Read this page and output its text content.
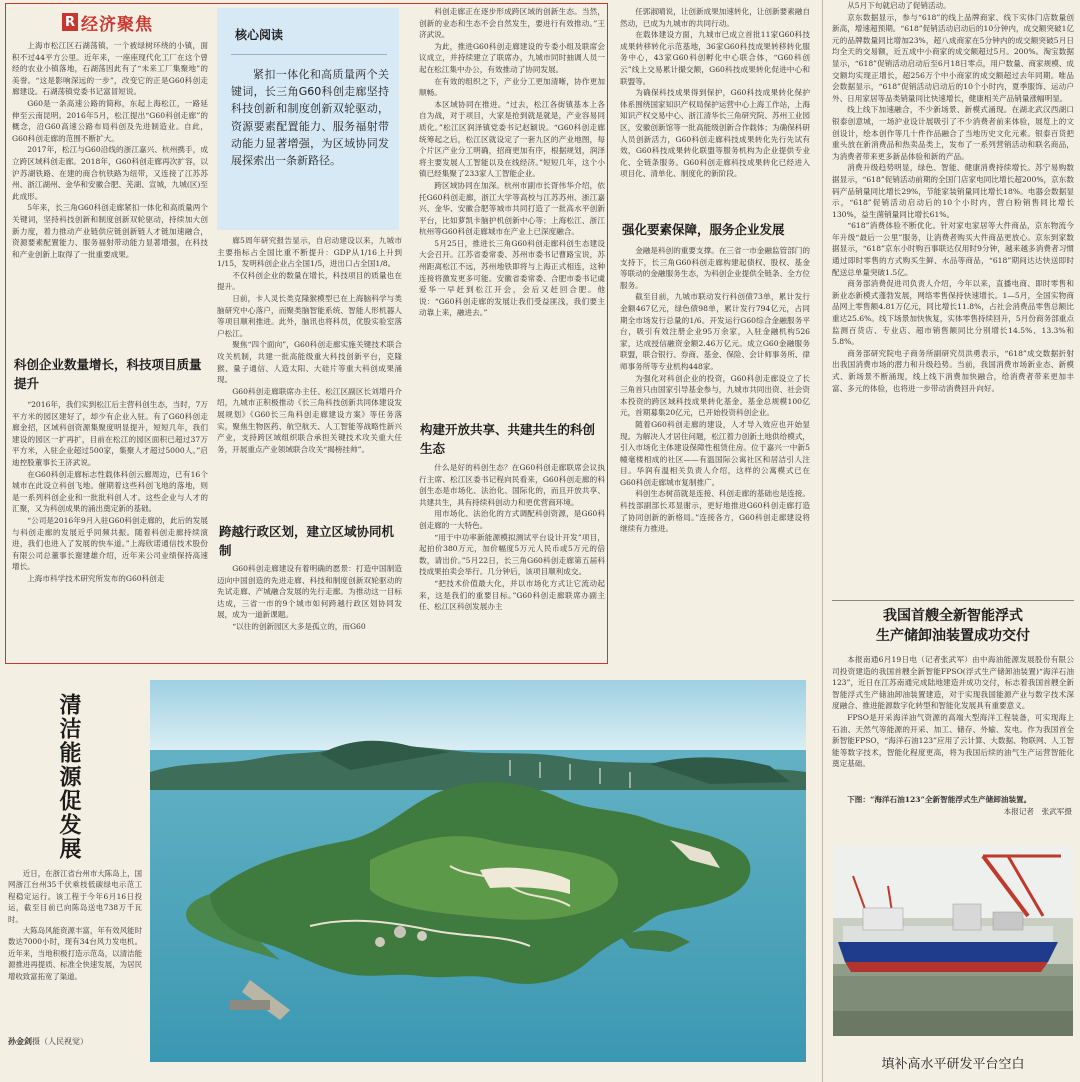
R 经济聚焦

上海市松江区石湖荡镇，一个被绿树环绕的小镇，面积不过44平方公里。近年来，一座座现代化工厂在这个曾经的农业小镇落地，石湖荡因此有了“未来工厂集聚地”的美誉。“这是影响深远的一步”，改变它的正是G60科创走廊建设。石湖荡镇党委书记富冒短说。

G60是一条高速公路的简称，东起上海松江，一路延伸至云南昆明。2016年5月，松江提出“G60科创走廊”的概念，沿G60高速公路布局科创及先进制造业。自此，G60科创走廊的范围不断扩大。

2017年，松江与G60沿线的浙江嘉兴、杭州携手，成立跨区域科创走廊。2018年，G60科创走廊再次扩容，以沪苏湖铁路、在建的商合杭铁路为纽带，又连接了江苏苏州、浙江湖州、金华和安徽合肥、芜湖、宣城，九城(区)至此成形。

5年来，长三角G60科创走廊紧扣一体化和高质量两个关键词，坚持科技创新和制度创新双轮驱动，持续加大创新力度，着力推动产业链供应链创新链人才链加速融合，资源要素配置能力、服务福射带动能力显著增强，在科技和产业创新上取得了一批重要成果。

科创企业数量增长，科技项目质量提升

“2016年，我们实到松江后主营科创生态，当时，7万平方米的园区建好了，却少有企业入驻。有了G60科创走廊金招，区域科创资源集聚度明显提升，短短几年，我们建设的园区一扩再扩，目前在松江的园区面积已超过37万平方米，入驻企业超过500家，集聚人才超过5000人。”启迪控股董事长王济武说。

在G60科创走廊标志性载体科创云廊周边，已有16个城市在此设立科创飞地。催期着这些科创飞地的落地，则是一系列科创企业和一批批科创人才。这些企业与人才的汇聚，又为科创成果的涌出奠定新的基础。

“公司是2016年9月入驻G60科创走廊的，此后的发展与科创走廊的发展近乎同频共振。随着科创走廊持续演进，我们也进入了发展的快车道。”上海欣诺通信技术股份有限公司总董事长谢建雄介绍，近年来公司业绩保持高速增长。

上海市科学技术研究所发布的G60科创走

核心阅读
紧扣一体化和高质量两个关键词，长三角G60科创走廊坚持科技创新和制度创新双轮驱动，资源要素配置能力、服务福射带动能力显著增强，为区域协同发展探索出一条新路径。

廊5周年研究报告显示，自启动建设以来，九城市主要指标占全国比重不断提升：GDP从1/16上升到1/15，发明科创企业占全国1/5，进出口占全国1/8。

不仅科创企业的数量在增长，科技项目的质量也在提升。

日前，卡人灵长类克隆猴模型已在上海脑科学与类脑研究中心落户，而聚类脑智能系统、智能人形机器人等项目顺利推进。此外，脑讯也将科员，优股实验室落户松江。

聚焦“四个面向”，G60科创走廊实施关键技术联合攻关机制，共建一批高能级重大科技创新平台，克隆猴、量子通信、人造太阳、大硅片等重大科创成果涌现。

G60科创走廊联席办主任、松江区副区长刘增丹介绍，九城市正积极推动《长三角科技创新共同体建设发展规划》《G60长三角科创走廊建设方案》等任务落实，聚焦生物医药、航空航天、人工智能等战略性新兴产业，支持跨区域组织联合承担关键技术攻关重大任务，开展重点产业领域联合攻关“揭榜挂帅”。

跨越行政区划，建立区域协同机制

G60科创走廊建设有着明确的愿景：打造中国制造迈向中国创造的先进走廊、科技和制度创新双轮驱动的先试走廊、产城融合发展的先行走廊。为推动这一目标达成，三省一市的9个城市如何跨越行政区划协同发展，成为一道新课题。

“以往的创新园区大多是孤立的，而G60

科创走廊正在逐步形成跨区域的创新生态。当然，创新的业态和生态不会自然发生，要进行有效推动。”王济武说。

为此，推进G60科创走廊建设的专委小组及联席会议成立，并持续建立了联席办，九城市同时抽调人员一起在松江集中办公，有效推动了协同发展。

在有效的组织之下，产业分工更加清晰，协作更加顺畅。

本区域协同在推进。“过去，松江各街镇基本上各自为战，对于项目，大家是抢到就是就是，产业容易同质化。”松江区润泽镇党委书记赵颖说。“G60科创走廊统筹起之后，松江区就设定了一套九区的产业地图，每个片区产业分工明确，招商更加有序，根据规划，润泽将主要发展人工智能以及在线经济。”短短几年，这个小镇已经集聚了233家人工智能企业。

跨区域协同在加深。杭州市副市长胥伟华介绍，依托G60科创走廊，浙江大学等高校与江苏苏州、浙江嘉兴、金华、安徽合肥等城市共同打造了一批高水平创新平台，比如萝凯卡脑护机创新中心等；上海松江、浙江杭州等G60科创走廊城市在产业上已深度融合。

5月25日，推进长三角G60科创走廊科创生态建设大会召开。江苏省委常委、苏州市委书记曹路宝说，苏州距离松江不远，苏州地铁即将与上海正式相连，这种连接将激发更多可能。安徽省委常委、合肥市委书记虞爱华一早赶到松江开会，会后又赶回合肥。他说：“G60科创走廊的发展让我们受益匪浅，我们要主动靠上来，融进去。”

构建开放共享、共建共生的科创生态

什么是好的科创生态？在G60科创走廊联席会议执行主席、松江区委书记程向民看来，G60科创走廊的科创生态是市场化、法治化、国际化的，而且开放共享、共建共生，具有持续科创动力和更优营商环境。

用市场化、法治化的方式调配科创资源，是G60科创走廊的一大特色。

“用于中功率新能源模拟测试平台设计开发”项目，起拍价380万元，加价幅度5万元人民币或5万元的倍数，请出价。”5月22日，长三角G60科创走廊第五届科技成果拍卖会举行。几分钟后，该项目顺利成交。

“把技术价值最大化，并以市场化方式让它流动起来，这是我们的重要目标。”G60科创走廊联席办副主任、松江区科创发展办主

任郭淑晴说，让创新成果加速转化，让创新要素融自然动，已成为九城市的共同行动。

在载体建设方面，九城市已成立首批11家G60科技成果转移转化示范基地，36家G60科技成果转移转化服务中心，43家G60科创孵化中心联合体，“G60科创云”线上交易累计撮交额，G60科技成果转化促进中心和联盟等。

为确保科技成果得到保护，G60科技成果转化保护体系围绕国家知识产权局保护运营中心上海工作站，上海知识产权交易中心、浙江清华长三角研究院、苏州工业园区，安徽创新馆等一批高能级创新合作载体；为确保科研人员创新活力，G60科创走廊科技成果转化先行先试有效，G60科技成果转化联盟等服务机构为企业提供专业化、全链条服务。G60科创走廊科技成果转化已经进入项目化、清单化、制度化的新阶段。

强化要素保障，服务企业发展

金融是科创的重要支撑。在三省一市金融监管部门的支持下，长三角G60科创走廊构建起债权、股权、基金等联动的金融服务生态，为科创企业提供全链条、全方位服务。

截至目前，九城市联动发行科创债73单，累计发行金额467亿元，绿色债98单，累计发行794亿元，占同期全市场发行总量的1/6。开发运行G60综合金融服务平台，吸引有效注册企业95万余家，入驻金融机构526家，达成授信融资金额2.46万亿元。成立G60金融服务联盟，联合银行、券商、基金、保险、会计师事务所、律师事务所等专业机构448家。

为强化对科创企业的投资，G60科创走廊设立了长三角首只由国家引导基金参与，九城市共同出资、社会资本投资的跨区域科技成果转化基金。基金总规模100亿元，首期募集20亿元，已开始投资科创企业。

随着G60科创走廊的建设，人才导入效应也开始显现。为解决人才居住问题，松江着力创新土地供给模式，引入市场化主体建设保障性租赁住房。位于嘉兴一中新5幢毫楼相成的社区——有温国际公寓社区和居洁引人注目。华润有温相关负责人介绍，这样的公寓模式已在G60科创走廊城市复制推广。

科创生态树苗就是连接、科创走廊的基础也是连接。科技部副部长邓显谢示，更好地推进G60科创走廊打造了协同创新的新格局。”连接各方，G60科创走廊建设将继续有力推进。

从5月下旬就启动了促销活动。

京东数据显示，参与“618”的线上品牌商家、线下实体门店数量创新高，增速超预期。“618”促销活动启动后的10分钟内，成交额突破1亿元的品牌数量同比增加23%，超八成商家在5分钟内的成交额突破5月日均全天的交易额，近五成中小商家的成交额超过5月。200%。淘宝数据显示，“618”促销活动启动后至6月18日零点，用户数量、商家规模、成交额均实现正增长，超256万个中小商家的成交额超过去年同期。唯品会数据显示，“618”促销活动启动后的10个小时内，夏季服饰、运动户外、日用家居等品类销量同比快速增长，健康相关产品销量涨幅明显。

线上线下加速融合，不少新场景、新模式涌现。在湖北武汉西湖口银泰创意城，一场沪业设计展吸引了不少消费者前来体验，展览上的文创设计，绘本创作等几十件作品融合了当地历史文化元素。银泰百货把重头放在新消费品和热卖品类上，发布了一系列营销活动和联名商品，为消费者带来更多新品体验和新的产品。

消费升级趋势明显，绿色、智能、健康消费持续增长。苏宁易购数据显示，“618”促销活动前期的全国门店家电同比增长超200%，京东数码产品销量同比增长29%，节能家装销量同比增长18%。电器会数据显示，“618”促销活动启动后的10个小时内，营白粉销售同比增长130%，益生菌销量同比增长61%。

“618”消费体验不断优化。针对家电家居等大件商品，京东物流今年升级“最后一公里”服务，让消费者购买大件商品更放心。京东到家数据显示，“618”京东小时购百事联达仅用时9分钟，越来越多消费者习惯通过即时零售的方式购买生鲜、水品等商品，“618”期间达达快送即时配送总单量突破1.5亿。

商务部消费促进司负责人介绍，今年以来，直播电商、即时零售和新业态新模式蓬勃发展，网络零售保持快速增长。1—5月，全国实物商品网上零售额4.81万亿元，同比增长11.8%，占社会消费品零售总额比重达25.6%。线下场景加快恢复，实体零售持续回升，5月份商务部重点监测百货店、专业店、超市销售额同比分别增长14.5%、13.3%和5.8%。

商务部研究院电子商务所副研究员洪勇表示，“618”成交数据折射出我国消费市场的潜力和升级趋势。当前，我国消费市场新业态、新模式、新场景不断涌现，线上线下消费加快融合，给消费者带来更加丰富、多元的体验，也将进一步带动消费回升向好。

我国首艘全新智能浮式
生产储卸油装置成功交付

本报南通6月19日电（记者张武军）由中海油能源发展股份有限公司投资建造的我国首艘全新智能FPSO(浮式生产储卸油装置)“海洋石油123”，近日在江苏南通完成陆地建造并成功交付，标志着我国首艘全新智能浮式生产储油卸油装置建造，对于实现我国能源产业与数字技术深度融合、推进能源数字化转型和智能化发展具有重要意义。

FPSO是开采海洋油气资源的高端大型海洋工程装备，可实现海上石油、天然气等能源的开采、加工、储存、外输、发电。作为我国首全新智能FPSO，“海洋石油123”应用了云计算、大数据、物联网、人工智能等数字技术，智能化程度更高，将为我国后续的油气生产运营智能化奠定基础。

下图：“海洋石油123”全新智能浮式生产储卸油装置。
本报记者　张武军摄
填补高水平研发平台空白
清洁能源促发展

近日，在浙江省台州市大陈岛上，国网浙江台州35千伏乘枝低碳绿电示范工程稳定运行。该工程于今年6月16日投运，截至目前已向陈岛送电738万千瓦时。

大陈岛风能资源丰富，年有效风能时数达7000小时，现有34台风力发电机。近年来，当地积极打造示范岛，以清洁能源推进再提质、标准全快速发展，为居民增收致富拓宽了渠道。

孙金剑摄（人民视觉）
